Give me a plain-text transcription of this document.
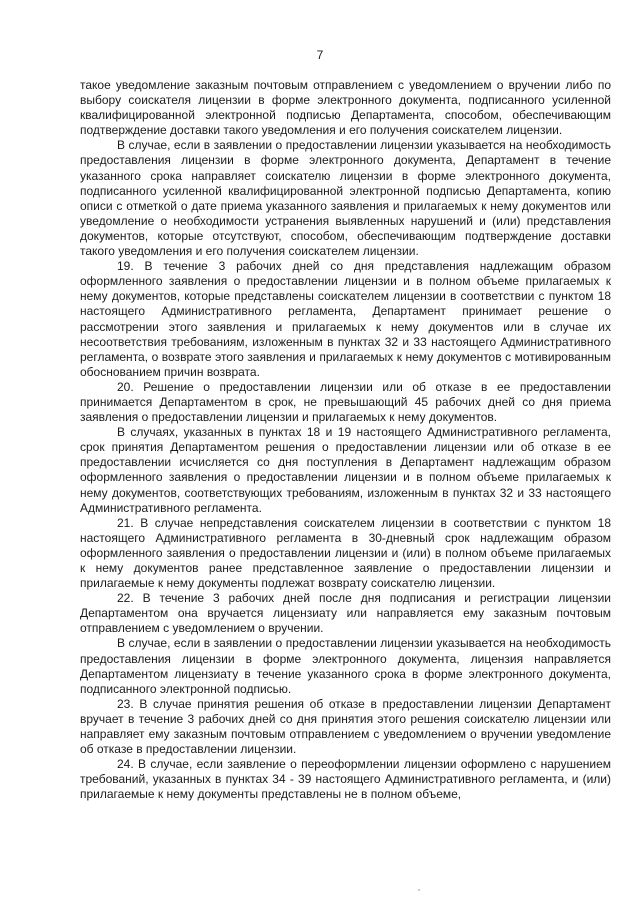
7

такое уведомление заказным почтовым отправлением с уведомлением о вручении либо по выбору соискателя лицензии в форме электронного документа, подписанного усиленной квалифицированной электронной подписью Департамента, способом, обеспечивающим подтверждение доставки такого уведомления и его получения соискателем лицензии.

В случае, если в заявлении о предоставлении лицензии указывается на необходимость предоставления лицензии в форме электронного документа, Департамент в течение указанного срока направляет соискателю лицензии в форме электронного документа, подписанного усиленной квалифицированной электронной подписью Департамента, копию описи с отметкой о дате приема указанного заявления и прилагаемых к нему документов или уведомление о необходимости устранения выявленных нарушений и (или) представления документов, которые отсутствуют, способом, обеспечивающим подтверждение доставки такого уведомления и его получения соискателем лицензии.

19. В течение 3 рабочих дней со дня представления надлежащим образом оформленного заявления о предоставлении лицензии и в полном объеме прилагаемых к нему документов, которые представлены соискателем лицензии в соответствии с пунктом 18 настоящего Административного регламента, Департамент принимает решение о рассмотрении этого заявления и прилагаемых к нему документов или в случае их несоответствия требованиям, изложенным в пунктах 32 и 33 настоящего Административного регламента, о возврате этого заявления и прилагаемых к нему документов с мотивированным обоснованием причин возврата.

20. Решение о предоставлении лицензии или об отказе в ее предоставлении принимается Департаментом в срок, не превышающий 45 рабочих дней со дня приема заявления о предоставлении лицензии и прилагаемых к нему документов.

В случаях, указанных в пунктах 18 и 19 настоящего Административного регламента, срок принятия Департаментом решения о предоставлении лицензии или об отказе в ее предоставлении исчисляется со дня поступления в Департамент надлежащим образом оформленного заявления о предоставлении лицензии и в полном объеме прилагаемых к нему документов, соответствующих требованиям, изложенным в пунктах 32 и 33 настоящего Административного регламента.

21. В случае непредставления соискателем лицензии в соответствии с пунктом 18 настоящего Административного регламента в 30-дневный срок надлежащим образом оформленного заявления о предоставлении лицензии и (или) в полном объеме прилагаемых к нему документов ранее представленное заявление о предоставлении лицензии и прилагаемые к нему документы подлежат возврату соискателю лицензии.

22. В течение 3 рабочих дней после дня подписания и регистрации лицензии Департаментом она вручается лицензиату или направляется ему заказным почтовым отправлением с уведомлением о вручении.

В случае, если в заявлении о предоставлении лицензии указывается на необходимость предоставления лицензии в форме электронного документа, лицензия направляется Департаментом лицензиату в течение указанного срока в форме электронного документа, подписанного электронной подписью.

23. В случае принятия решения об отказе в предоставлении лицензии Департамент вручает в течение 3 рабочих дней со дня принятия этого решения соискателю лицензии или направляет ему заказным почтовым отправлением с уведомлением о вручении уведомление об отказе в предоставлении лицензии.

24. В случае, если заявление о переоформлении лицензии оформлено с нарушением требований, указанных в пунктах 34 - 39 настоящего Административного регламента, и (или) прилагаемые к нему документы представлены не в полном объеме,
